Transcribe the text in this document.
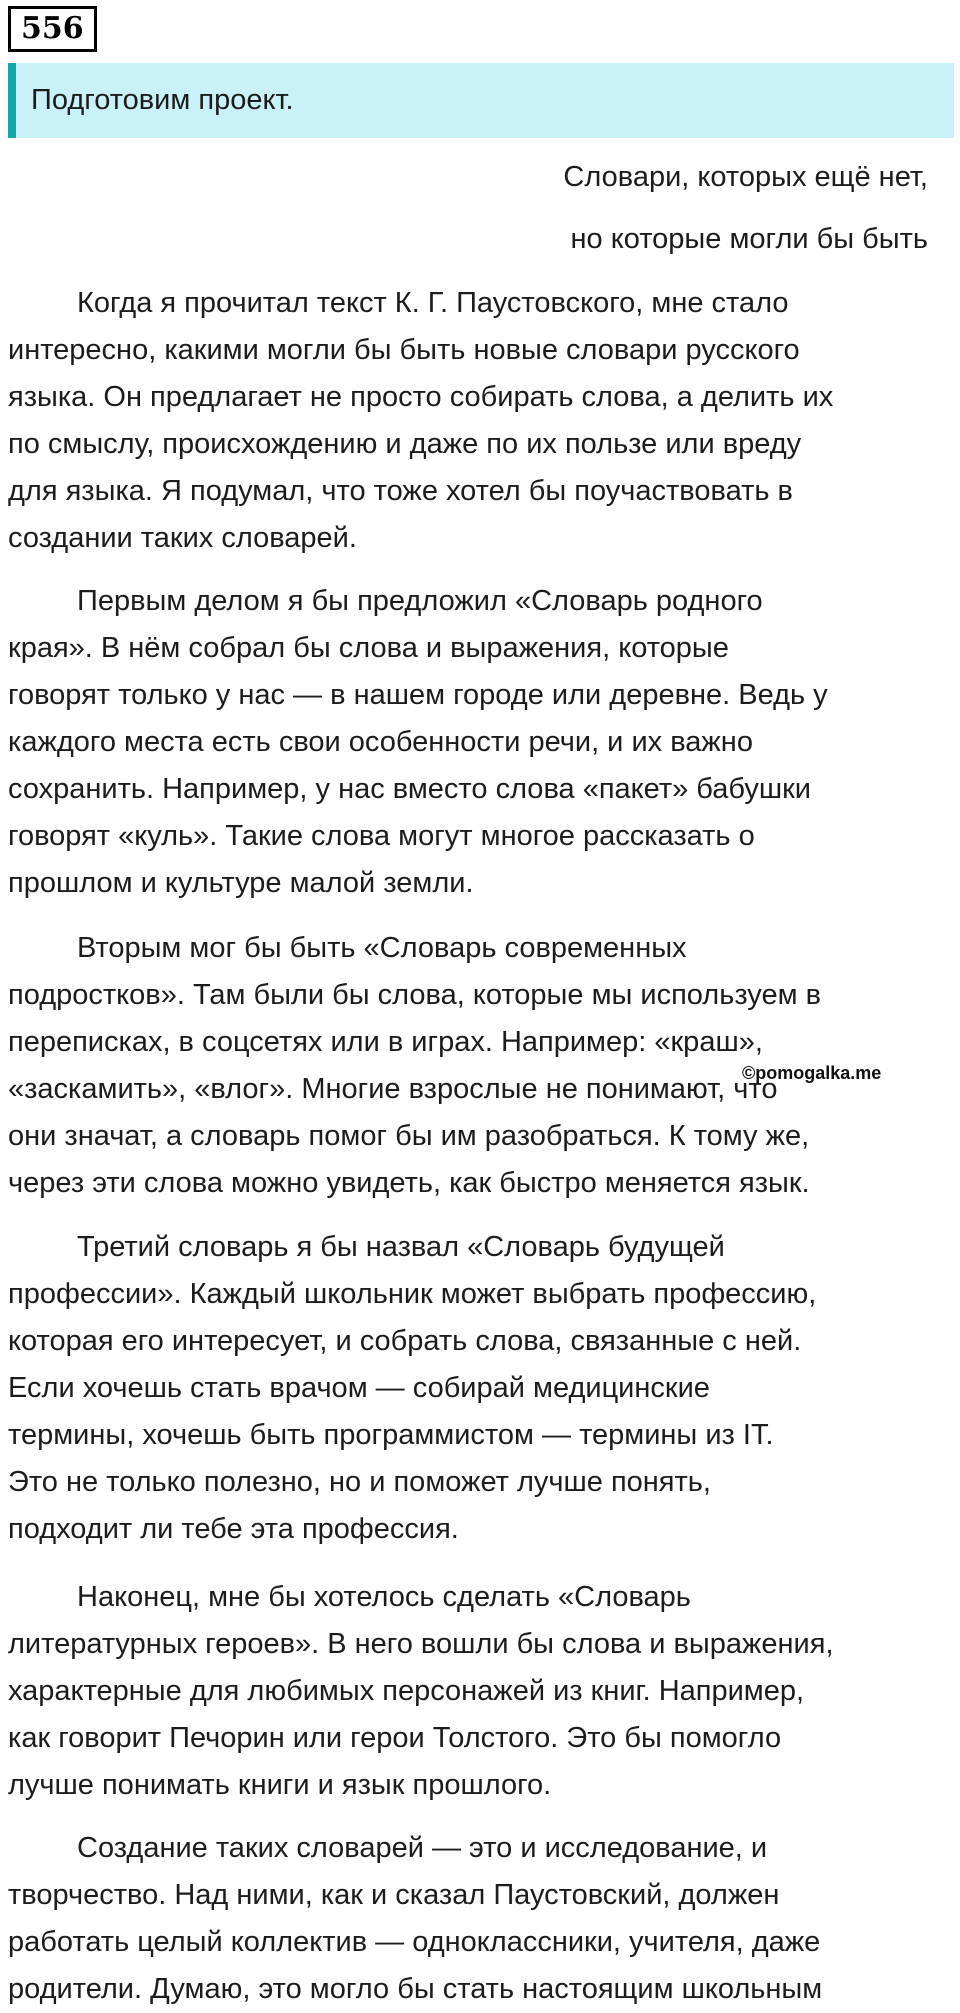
556
Подготовим проект.
Словари, которых ещё нет,
но которые могли бы быть
Когда я прочитал текст К. Г. Паустовского, мне стало
интересно, какими могли бы быть новые словари русского
языка. Он предлагает не просто собирать слова, а делить их
по смыслу, происхождению и даже по их пользе или вреду
для языка. Я подумал, что тоже хотел бы поучаствовать в
создании таких словарей.
Первым делом я бы предложил «Словарь родного
края». В нём собрал бы слова и выражения, которые
говорят только у нас — в нашем городе или деревне. Ведь у
каждого места есть свои особенности речи, и их важно
сохранить. Например, у нас вместо слова «пакет» бабушки
говорят «куль». Такие слова могут многое рассказать о
прошлом и культуре малой земли.
Вторым мог бы быть «Словарь современных
подростков». Там были бы слова, которые мы используем в
переписках, в соцсетях или в играх. Например: «краш»,
«заскамить», «влог». Многие взрослые не понимают, что
они значат, а словарь помог бы им разобраться. К тому же,
через эти слова можно увидеть, как быстро меняется язык.
Третий словарь я бы назвал «Словарь будущей
профессии». Каждый школьник может выбрать профессию,
которая его интересует, и собрать слова, связанные с ней.
Если хочешь стать врачом — собирай медицинские
термины, хочешь быть программистом — термины из IT.
Это не только полезно, но и поможет лучше понять,
подходит ли тебе эта профессия.
Наконец, мне бы хотелось сделать «Словарь
литературных героев». В него вошли бы слова и выражения,
характерные для любимых персонажей из книг. Например,
как говорит Печорин или герои Толстого. Это бы помогло
лучше понимать книги и язык прошлого.
Создание таких словарей — это и исследование, и
творчество. Над ними, как и сказал Паустовский, должен
работать целый коллектив — одноклассники, учителя, даже
родители. Думаю, это могло бы стать настоящим школьным
©pomogalka.me
